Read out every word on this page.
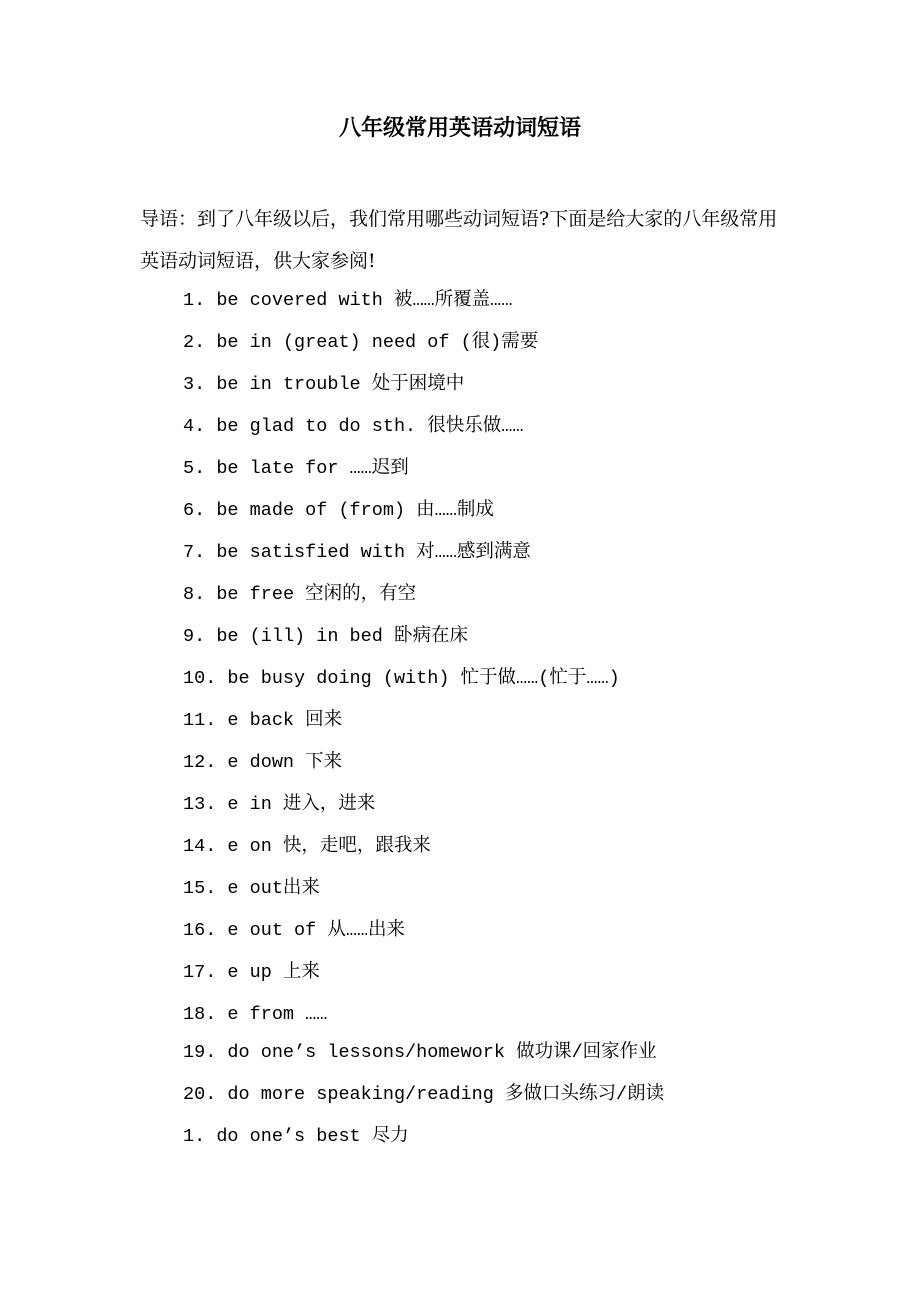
八年级常用英语动词短语

导语：到了八年级以后，我们常用哪些动词短语?下面是给大家的八年级常用英语动词短语，供大家参阅!

1. be covered with 被……所覆盖……
2. be in (great) need of (很)需要
3. be in trouble 处于困境中
4. be glad to do sth. 很快乐做……
5. be late for ……迟到
6. be made of (from) 由……制成
7. be satisfied with 对……感到满意
8. be free 空闲的，有空
9. be (ill) in bed 卧病在床
10. be busy doing (with) 忙于做……(忙于……)
11. e back 回来
12. e down 下来
13. e in 进入，进来
14. e on 快，走吧，跟我来
15. e out出来
16. e out of 从……出来
17. e up 上来
18. e from ……
19. do one’s lessons/homework 做功课/回家作业
20. do more speaking/reading 多做口头练习/朗读
1. do one’s best 尽力
